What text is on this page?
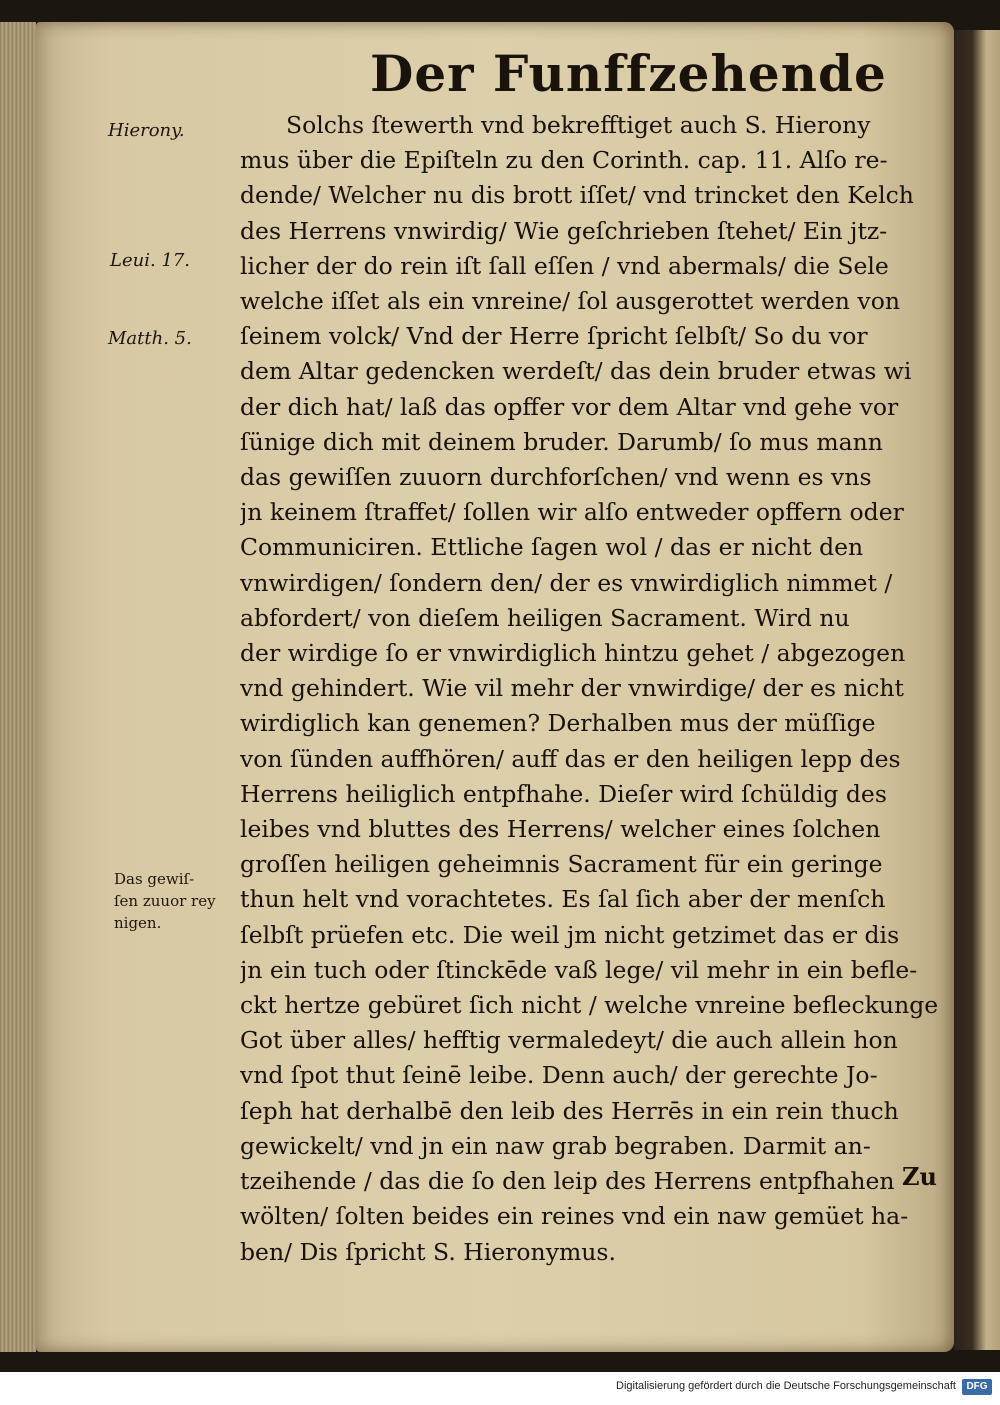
Der Funffzehende
Hierony.
Leui. 17.
Matth. 5.
Das gewiſ-
ſen zuuor rey
nigen.
Solchs ſtewerth vnd bekrefftiget auch S. Hierony
mus über die Epiſteln zu den Corinth. cap. 11. Alſo re-
dende/ Welcher nu dis brott iſſet/ vnd trincket den Kelch
des Herrens vnwirdig/ Wie geſchrieben ſtehet/ Ein jtz-
licher der do rein iſt ſall eſſen / vnd abermals/ die Sele
welche iſſet als ein vnreine/ ſol ausgerottet werden von
ſeinem volck/ Vnd der Herre ſpricht ſelbſt/ So du vor
dem Altar gedencken werdeſt/ das dein bruder etwas wi
der dich hat/ laß das opffer vor dem Altar vnd gehe vor
ſünige dich mit deinem bruder. Darumb/ ſo mus mann
das gewiſſen zuuorn durchforſchen/ vnd wenn es vns
jn keinem ſtraffet/ ſollen wir alſo entweder opffern oder
Communiciren. Ettliche ſagen wol / das er nicht den
vnwirdigen/ ſondern den/ der es vnwirdiglich nimmet /
abfordert/ von dieſem heiligen Sacrament. Wird nu
der wirdige ſo er vnwirdiglich hintzu gehet / abgezogen
vnd gehindert. Wie vil mehr der vnwirdige/ der es nicht
wirdiglich kan genemen? Derhalben mus der müſſige
von ſünden auffhören/ auff das er den heiligen lepp des
Herrens heiliglich entpfhahe. Dieſer wird ſchüldig des
leibes vnd bluttes des Herrens/ welcher eines ſolchen
groſſen heiligen geheimnis Sacrament für ein geringe
thun helt vnd vorachtetes. Es ſal ſich aber der menſch
ſelbſt prüefen etc. Die weil jm nicht getzimet das er dis
jn ein tuch oder ſtinckēde vaß lege/ vil mehr in ein befle-
ckt hertze gebüret ſich nicht / welche vnreine befleckunge
Got über alles/ hefftig vermaledeyt/ die auch allein hon
vnd ſpot thut ſeinē leibe. Denn auch/ der gerechte Jo-
ſeph hat derhalbē den leib des Herrēs in ein rein thuch
gewickelt/ vnd jn ein naw grab begraben. Darmit an-
tzeihende / das die ſo den leip des Herrens entpfhahen
wölten/ ſolten beides ein reines vnd ein naw gemüet ha-
ben/ Dis ſpricht S. Hieronymus.
Zu
Digitalisierung gefördert durch die Deutsche Forschungsgemeinschaft	DFG
